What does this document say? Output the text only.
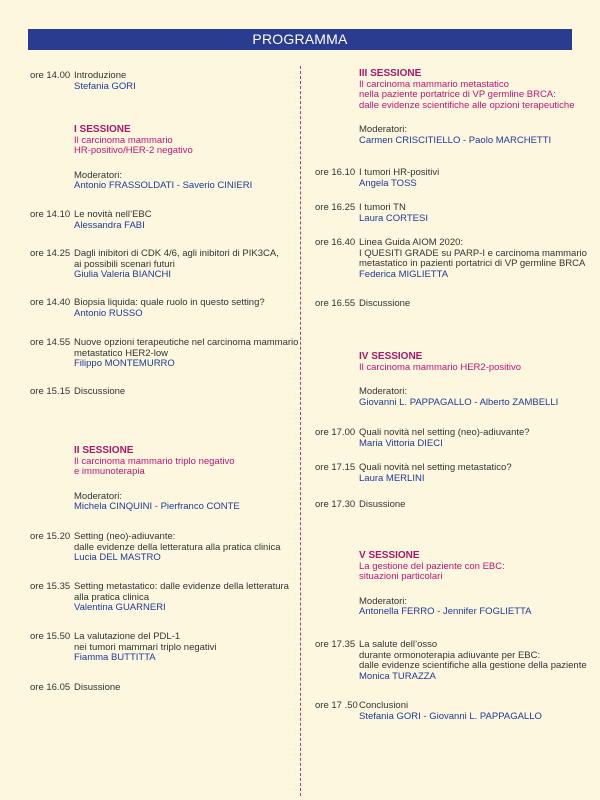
PROGRAMMA
ore 14.00 Introduzione
Stefania GORI
I SESSIONE
Il carcinoma mammario
HR-positivo/HER-2 negativo
Moderatori:
Antonio FRASSOLDATI - Saverio CINIERI
ore 14.10 Le novità nell’EBC
Alessandra FABI
ore 14.25 Dagli inibitori di CDK 4/6, agli inibitori di PIK3CA,
ai possibili scenari futuri
Giulia Valeria BIANCHI
ore 14.40 Biopsia liquida: quale ruolo in questo setting?
Antonio RUSSO
ore 14.55 Nuove opzioni terapeutiche nel carcinoma mammario
metastatico HER2-low
Filippo MONTEMURRO
ore 15.15 Discussione
II SESSIONE
Il carcinoma mammario triplo negativo
e immunoterapia
Moderatori:
Michela CINQUINI - Pierfranco CONTE
ore 15.20 Setting (neo)-adiuvante:
dalle evidenze della letteratura alla pratica clinica
Lucia DEL MASTRO
ore 15.35 Setting metastatico: dalle evidenze della letteratura
alla pratica clinica
Valentina GUARNERI
ore 15.50 La valutazione del PDL-1
nei tumori mammari triplo negativi
Fiamma BUTTITTA
ore 16.05 Disussione
III SESSIONE
Il carcinoma mammario metastatico
nella paziente portatrice di VP germline BRCA:
dalle evidenze scientifiche alle opzioni terapeutiche
Moderatori:
Carmen CRISCITIELLO - Paolo MARCHETTI
ore 16.10 I tumori HR-positivi
Angela TOSS
ore 16.25 I tumori TN
Laura CORTESI
ore 16.40 Linea Guida AIOM 2020:
I QUESITI GRADE su PARP-I e carcinoma mammario
metastatico in pazienti portatrici di VP germline BRCA
Federica MIGLIETTA
ore 16.55 Discussione
IV SESSIONE
Il carcinoma mammario HER2-positivo
Moderatori:
Giovanni L. PAPPAGALLO - Alberto ZAMBELLI
ore 17.00 Quali novità nel setting (neo)-adiuvante?
Maria Vittoria DIECI
ore 17.15 Quali novità nel setting metastatico?
Laura MERLINI
ore 17.30 Disussione
V SESSIONE
La gestione del paziente con EBC:
situazioni particolari
Moderatori:
Antonella FERRO - Jennifer FOGLIETTA
ore 17.35 La salute dell’osso
durante ormonoterapia adiuvante per EBC:
dalle evidenze scientifiche alla gestione della paziente
Monica TURAZZA
ore 17 .50 Conclusioni
Stefania GORI - Giovanni L. PAPPAGALLO
